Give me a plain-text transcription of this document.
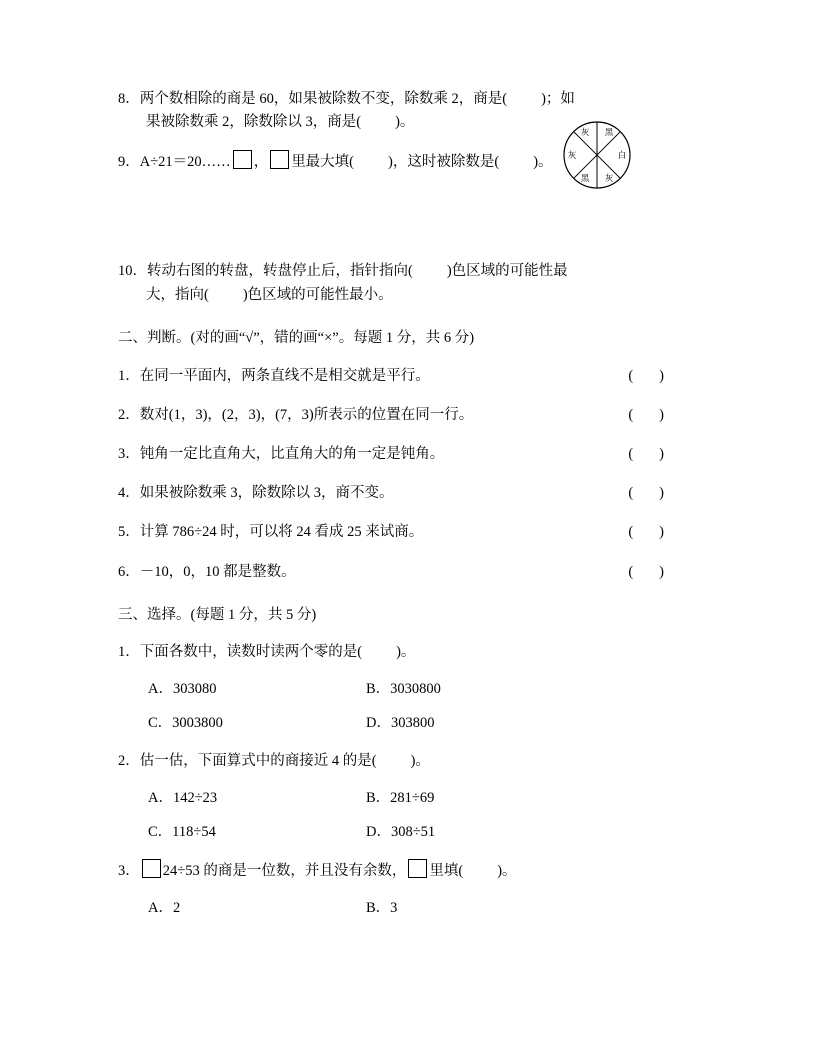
灰 黑
白
灰
黑
灰
8．两个数相除的商是 60，如果被除数不变，除数乘 2，商是( )；如
果被除数乘 2，除数除以 3，商是( )。
9．A÷21＝20…… ， 里最大填( )，这时被除数是( )。
10．转动右图的转盘，转盘停止后，指针指向( )色区域的可能性最
大，指向( )色区域的可能性最小。
二、判断。(对的画“√”，错的画“×”。每题 1 分，共 6 分)
1．在同一平面内，两条直线不是相交就是平行。	( )
2．数对(1，3)，(2，3)，(7，3)所表示的位置在同一行。	( )
3．钝角一定比直角大，比直角大的角一定是钝角。	( )
4．如果被除数乘 3，除数除以 3，商不变。	( )
5．计算 786÷24 时，可以将 24 看成 25 来试商。	( )
6．－10，0，10 都是整数。	( )
三、选择。(每题 1 分，共 5 分)
1．下面各数中，读数时读两个零的是( )。
A．303080	B．3030800
C．3003800	D．303800
2．估一估，下面算式中的商接近 4 的是( )。
A．142÷23	B．281÷69
C．118÷54	D．308÷51
3． 24÷53 的商是一位数，并且没有余数， 里填( )。
A．2	B．3
